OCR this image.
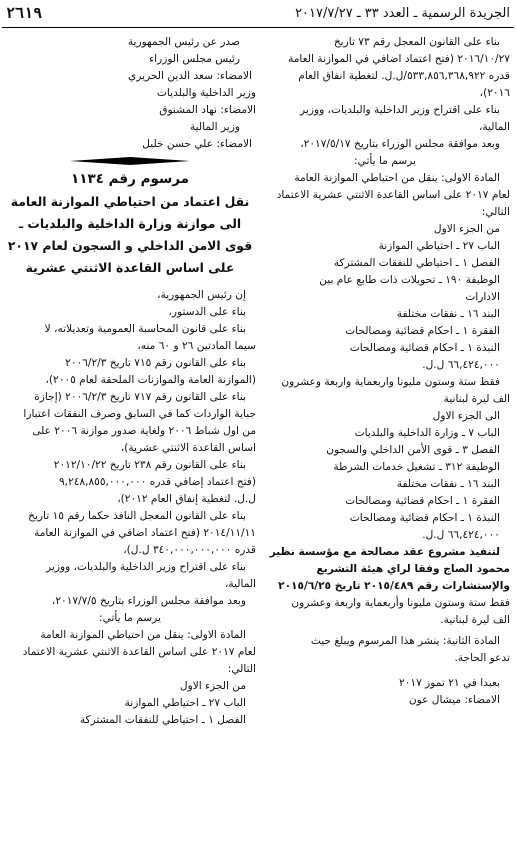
الجريدة الرسمية ـ العدد ٣٣ ـ ٢٠١٧/٧/٢٧
٢٦١٩
بناء على القانون المعجل رقم ٧٣ تاريخ
٢٠١٦/١٠/٢٧ (فتح اعتماد اضافي في الموازنة العامة
قدره ٥٣٣,٨٥٦,٣٦٨,٩٢٢/ل.ل. لتغطية انفاق العام
٢٠١٦)،
بناء على اقتراح وزير الداخلية والبلديات، ووزير
المالية،
وبعد موافقة مجلس الوزراء بتاريخ ٢٠١٧/٥/١٧،
يرسم ما يأتي:
المادة الاولى: ينقل من احتياطي الموازنة العامة
لعام ٢٠١٧ على اساس القاعدة الاثنتي عشرية الاعتماد
التالي:
من الجزء الاول
الباب ٢٧ ـ احتياطي الموازنة
الفصل ١ ـ احتياطي للنفقات المشتركة
الوظيفة ١٩٠ ـ تحويلات ذات طابع عام بين
الادارات
البند ١٦ ـ نفقات مختلفة
الفقرة ١ ـ احكام قضائية ومصالحات
النبذة ١ ـ احكام قضائية ومصالحات
٦٦,٤٢٤,٠٠٠ ل.ل.
فقط ستة وستون مليونا واربعماية واربعة وعشرون
الف ليرة لبنانية
الى الجزء الاول
الباب ٧ ـ وزارة الداخلية والبلديات
الفصل ٣ ـ قوى الأمن الداخلي والسجون
الوظيفة ٣١٢ ـ تشغيل خدمات الشرطة
البند ١٦ ـ نفقات مختلفة
الفقرة ١ ـ احكام قضائية ومصالحات
النبذة ١ ـ احكام قضائية ومصالحات
٦٦,٤٢٤,٠٠٠ ل.ل.
لتنفيذ مشروع عقد مصالحة مع مؤسسة نظير
محمود الصاج وفقا لراي هيئة التشريع
والإستشارات رقم ٢٠١٥/٤٨٩ تاريخ ٢٠١٥/٦/٢٥
فقط ستة وستون مليونا وأربعماية واربعة وعشرون
الف ليرة لبنانية.
المادة الثانية: ينشر هذا المرسوم ويبلغ حيث
تدعو الحاجة.
بعبدا في ٢١ تموز ٢٠١٧
الامضاء: ميشال عون
صدر عن رئيس الجمهورية
رئيس مجلس الوزراء
الامضاء: سعد الدين الحريري
وزير الداخلية والبلديات
الامضاء: نهاد المشنوق
وزير المالية
الامضاء: علي حسن خليل
مرسوم رقم ١١٣٤
نقل اعتماد من احتياطي الموازنة العامة
الى موازنة وزارة الداخلية والبلديات ـ
قوى الامن الداخلي و السجون لعام ٢٠١٧
على اساس القاعدة الاثنتي عشرية
إن رئيس الجمهورية،
بناء على الدستور،
بناء على قانون المحاسبة العمومية وتعديلاته، لا
سيما المادتين ٢٦ و ٦٠ منه،
بناء على القانون رقم ٧١٥ تاريخ ٢٠٠٦/٢/٣
(الموازنة العامة والموازنات الملحقة لعام ٢٠٠٥)،
بناء على القانون رقم ٧١٧ تاريخ ٢٠٠٦/٢/٣ (إجازة
جباية الواردات كما في السابق وصرف النفقات اعتبارا
من اول شباط ٢٠٠٦ ولغاية صدور موازنة ٢٠٠٦ على
اساس القاعدة الاثنتي عشرية)،
بناء على القانون رقم ٢٣٨ تاريخ ٢٠١٢/١٠/٢٢
(فتح اعتماد إضافي قدره ٩,٢٤٨,٨٥٥,٠٠٠,٠٠٠
ل.ل. لتغطية إنفاق العام ٢٠١٢)،
بناء على القانون المعجل النافذ حكما رقم ١٥ تاريخ
٢٠١٤/١١/١١ (فتح اعتماد اضافي في الموازنة العامة
قدره ٣٤٠,٠٠٠,٠٠٠,٠٠٠ ل.ل)،
بناء على اقتراح وزير الداخلية والبلديات، ووزير
المالية،
وبعد موافقة مجلس الوزراء بتاريخ ٢٠١٧/٧/٥،
يرسم ما يأتي:
المادة الاولى: ينقل من احتياطي الموازنة العامة
لعام ٢٠١٧ على اساس القاعدة الاثنتي عشرية الاعتماد
التالي:
من الجزء الاول
الباب ٢٧ ـ احتياطي الموازنة
الفصل ١ ـ احتياطي للنفقات المشتركة
